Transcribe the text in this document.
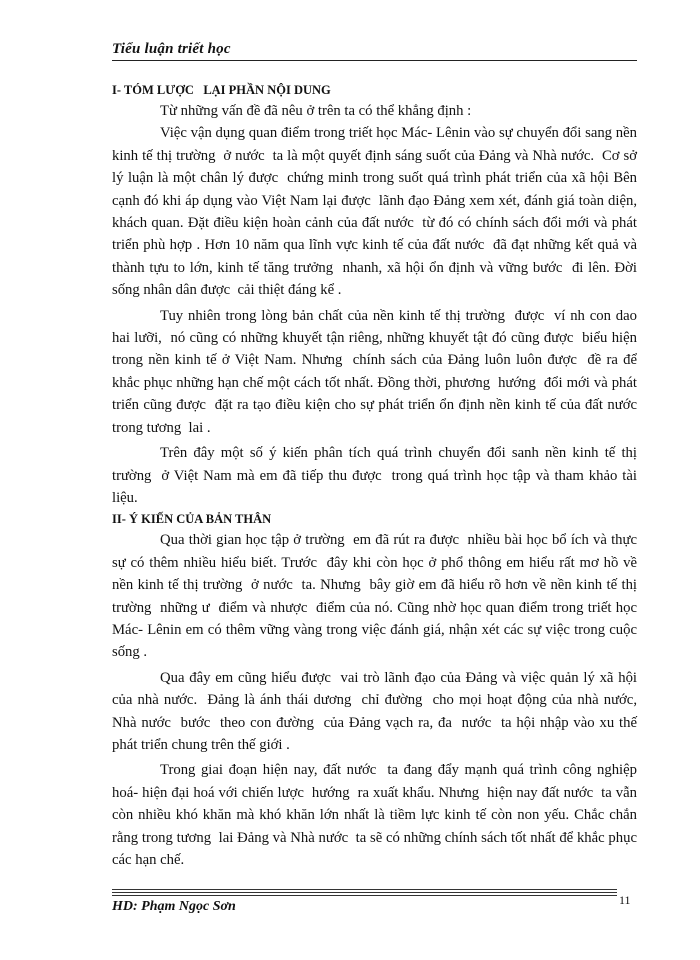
Tiểu luận triết học
I- TÓM LƯỢC   LẠI PHẦN NỘI DUNG

Từ những vấn đề đã nêu ở trên ta có thể khẳng định :

Việc vận dụng quan điểm trong triết học Mác- Lênin vào sự chuyển đổi sang nền kinh tế thị trường  ở nước  ta là một quyết định sáng suốt của Đảng và Nhà nước.  Cơ sở lý luận là một chân lý được  chứng minh trong suốt quá trình phát triển của xã hội Bên cạnh đó khi áp dụng vào Việt Nam lại được  lãnh đạo Đảng xem xét, đánh giá toàn diện, khách quan. Đặt điều kiện hoàn cảnh của đất nước  từ đó có chính sách đổi mới và phát triển phù hợp . Hơn 10 năm qua lĩnh vực kinh tế của đất nước  đã đạt những kết quả và thành tựu to lớn, kinh tế tăng trưởng  nhanh, xã hội ổn định và vững bước  đi lên. Đời sống nhân dân được  cải thiệt đáng kể .

Tuy nhiên trong lòng bản chất của nền kinh tế thị trường  được  ví nh con dao hai lưỡi,  nó cũng có những khuyết tận riêng, những khuyết tật đó cũng được  biểu hiện trong nền kinh tế ở Việt Nam. Nhưng  chính sách của Đảng luôn luôn được  đề ra để khắc phục những hạn chế một cách tốt nhất. Đồng thời, phương  hướng  đổi mới và phát triển cũng được  đặt ra tạo điều kiện cho sự phát triển ổn định nền kinh tế của đất nước  trong tương  lai .

Trên đây một số ý kiến phân tích quá trình chuyển đổi sanh nền kinh tế thị trường  ở Việt Nam mà em đã tiếp thu được  trong quá trình học tập và tham khảo tài liệu.

II- Ý KIẾN CỦA BẢN THÂN

Qua thời gian học tập ở trường  em đã rút ra được  nhiều bài học bổ ích và thực sự có thêm nhiều hiểu biết. Trước  đây khi còn học ở phổ thông em hiểu rất mơ hồ về nền kinh tế thị trường  ở nước  ta. Nhưng  bây giờ em đã hiểu rõ hơn về nền kinh tế thị trường  những ư  điểm và nhược  điểm của nó. Cũng nhờ học quan điểm trong triết học Mác- Lênin em có thêm vững vàng trong việc đánh giá, nhận xét các sự việc trong cuộc sống .

Qua đây em cũng hiểu được  vai trò lãnh đạo của Đảng và việc quản lý xã hội của nhà nước.  Đảng là ánh thái dương  chỉ đường  cho mọi hoạt động của nhà nước,  Nhà nước  bước  theo con đường  của Đảng vạch ra, đa  nước  ta hội nhập vào xu thế phát triển chung trên thế giới .

Trong giai đoạn hiện nay, đất nước  ta đang đẩy mạnh quá trình công nghiệp hoá- hiện đại hoá với chiến lược  hướng  ra xuất khẩu. Nhưng  hiện nay đất nước  ta vẫn còn nhiều khó khăn mà khó khăn lớn nhất là tiềm lực kinh tế còn non yếu. Chắc chắn rằng trong tương  lai Đảng và Nhà nước  ta sẽ có những chính sách tốt nhất để khắc phục các hạn chế.

HD: Phạm Ngọc Sơn	11
